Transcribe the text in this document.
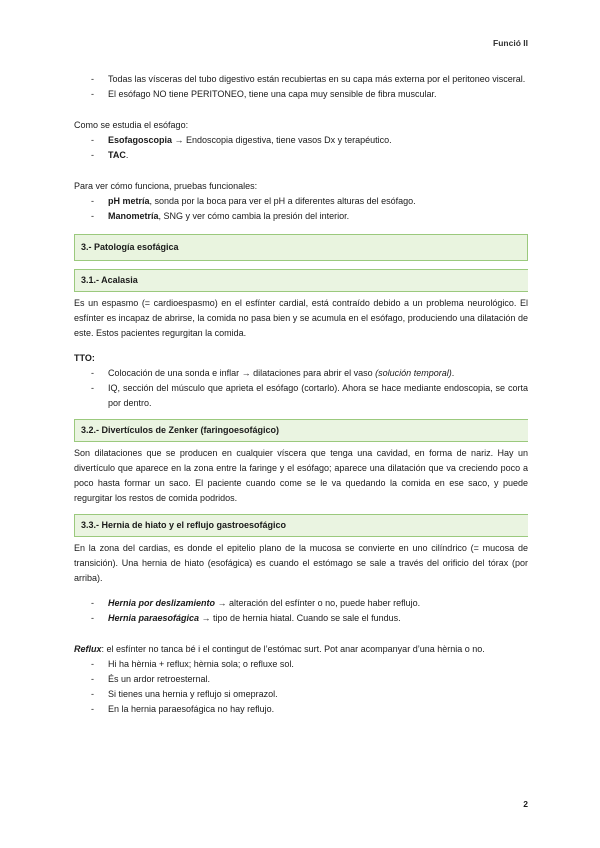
Funció II
- Todas las vísceras del tubo digestivo están recubiertas en su capa más externa por el peritoneo visceral.
- El esófago NO tiene PERITONEO, tiene una capa muy sensible de fibra muscular.

Como se estudia el esófago:

- Esofagoscopia → Endoscopia digestiva, tiene vasos Dx y terapéutico.
- TAC.

Para ver cómo funciona, pruebas funcionales:

- pH metría, sonda por la boca para ver el pH a diferentes alturas del esófago.
- Manometría, SNG y ver cómo cambia la presión del interior.
3.- Patología esofágica
3.1.- Acalasia

Es un espasmo (= cardioespasmo) en el esfínter cardial, está contraído debido a un problema neurológico. El esfínter es incapaz de abrirse, la comida no pasa bien y se acumula en el esófago, produciendo una dilatación de este. Estos pacientes regurgitan la comida.

TTO:

- Colocación de una sonda e inflar → dilataciones para abrir el vaso (solución temporal).
- IQ, sección del músculo que aprieta el esófago (cortarlo). Ahora se hace mediante endoscopia, se corta por dentro.
3.2.- Divertículos de Zenker (faringoesofágico)

Son dilataciones que se producen en cualquier víscera que tenga una cavidad, en forma de nariz. Hay un divertículo que aparece en la zona entre la faringe y el esófago; aparece una dilatación que va creciendo poco a poco hasta formar un saco. El paciente cuando come se le va quedando la comida en ese saco, y puede regurgitar los restos de comida podridos.

3.3.- Hernia de hiato y el reflujo gastroesofágico

En la zona del cardias, es donde el epitelio plano de la mucosa se convierte en uno cilíndrico (= mucosa de transición). Una hernia de hiato (esofágica) es cuando el estómago se sale a través del orificio del tórax (por arriba).

- Hernia por deslizamiento → alteración del esfínter o no, puede haber reflujo.
- Hernia paraesofágica → tipo de hernia hiatal. Cuando se sale el fundus.

Reflux: el esfínter no tanca bé i el contingut de l’estómac surt. Pot anar acompanyar d’una hèrnia o no.

- Hi ha hèrnia + reflux; hèrnia sola; o refluxe sol.
- És un ardor retroesternal.
- Si tienes una hernia y reflujo si omeprazol.
- En la hernia paraesofágica no hay reflujo.
2
